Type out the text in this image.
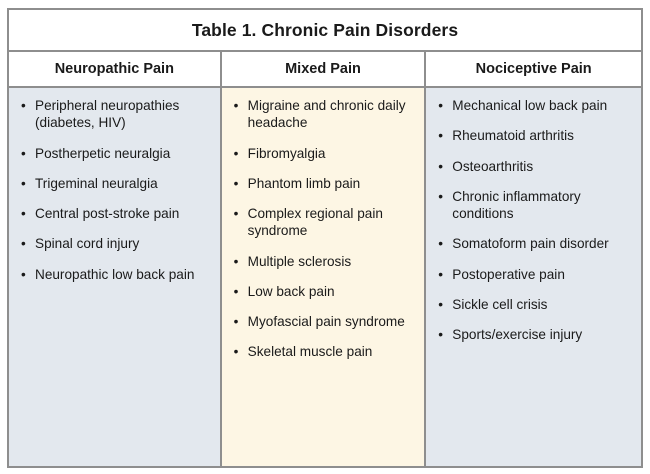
Table 1. Chronic Pain Disorders		
Neuropathic Pain	Mixed Pain	Nociceptive Pain

• Peripheral neuropathies (diabetes, HIV)
• Postherpetic neuralgia
• Trigeminal neuralgia
• Central post-stroke pain
• Spinal cord injury
• Neuropathic low back pain

• Migraine and chronic daily headache
• Fibromyalgia
• Phantom limb pain
• Complex regional pain syndrome
• Multiple sclerosis
• Low back pain
• Myofascial pain syndrome
• Skeletal muscle pain

• Mechanical low back pain
• Rheumatoid arthritis
• Osteoarthritis
• Chronic inflammatory conditions
• Somatoform pain disorder
• Postoperative pain
• Sickle cell crisis
• Sports/exercise injury
